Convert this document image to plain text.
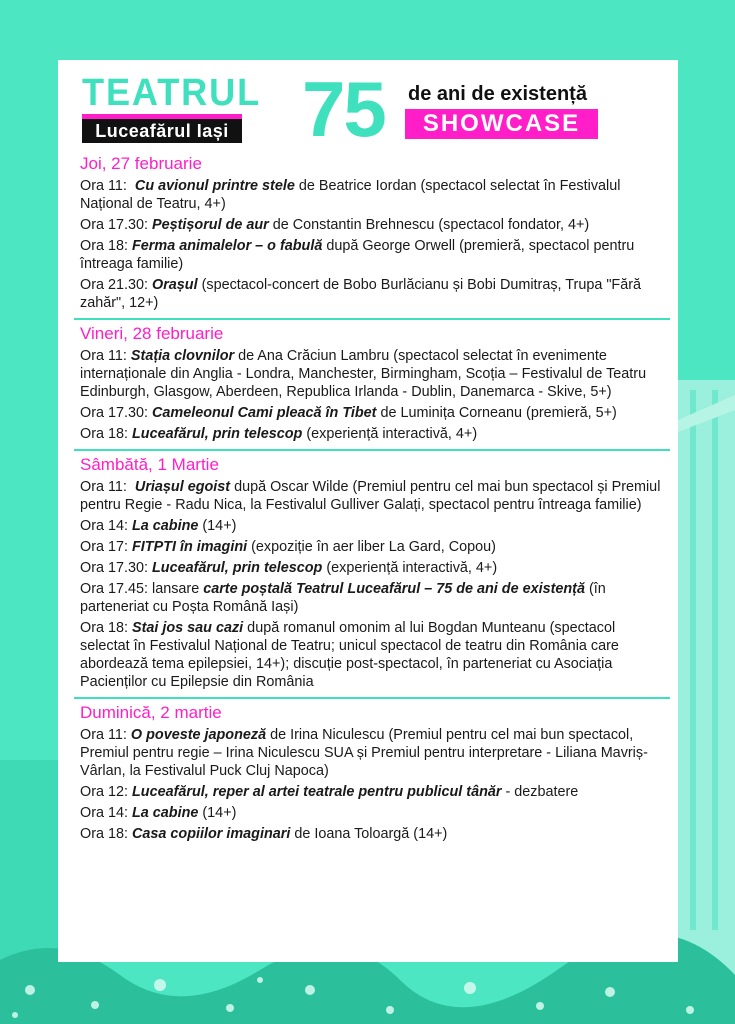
TEATRUL
Luceafărul Iași 75 de ani de existență
SHOWCASE
Joi, 27 februarie
Ora 11:  Cu avionul printre stele de Beatrice Iordan (spectacol selectat în Festivalul Național de Teatru, 4+)
Ora 17.30: Peștișorul de aur de Constantin Brehnescu (spectacol fondator, 4+)
Ora 18: Ferma animalelor – o fabulă după George Orwell (premieră, spectacol pentru întreaga familie)
Ora 21.30: Orașul (spectacol-concert de Bobo Burlăcianu și Bobi Dumitraș, Trupa "Fără zahăr", 12+)
Vineri, 28 februarie
Ora 11: Stația clovnilor de Ana Crăciun Lambru (spectacol selectat în evenimente internaționale din Anglia - Londra, Manchester, Birmingham, Scoția – Festivalul de Teatru Edinburgh, Glasgow, Aberdeen, Republica Irlanda - Dublin, Danemarca - Skive, 5+)
Ora 17.30: Cameleonul Cami pleacă în Tibet de Luminița Corneanu (premieră, 5+)
Ora 18: Luceafărul, prin telescop (experiență interactivă, 4+)
Sâmbătă, 1 Martie
Ora 11:  Uriașul egoist după Oscar Wilde (Premiul pentru cel mai bun spectacol și Premiul pentru Regie - Radu Nica, la Festivalul Gulliver Galați, spectacol pentru întreaga familie)
Ora 14: La cabine (14+)
Ora 17: FITPTI în imagini (expoziție în aer liber La Gard, Copou)
Ora 17.30: Luceafărul, prin telescop (experiență interactivă, 4+)
Ora 17.45: lansare carte poștală Teatrul Luceafărul – 75 de ani de existență (în parteneriat cu Poșta Română Iași)
Ora 18: Stai jos sau cazi după romanul omonim al lui Bogdan Munteanu (spectacol selectat în Festivalul Național de Teatru; unicul spectacol de teatru din România care abordează tema epilepsiei, 14+); discuție post-spectacol, în parteneriat cu Asociația Pacienților cu Epilepsie din România
Duminică, 2 martie
Ora 11: O poveste japoneză de Irina Niculescu (Premiul pentru cel mai bun spectacol, Premiul pentru regie – Irina Niculescu SUA și Premiul pentru interpretare - Liliana Mavriș-Vârlan, la Festivalul Puck Cluj Napoca)
Ora 12: Luceafărul, reper al artei teatrale pentru publicul tânăr - dezbatere
Ora 14: La cabine (14+)
Ora 18: Casa copiilor imaginari de Ioana Toloargă (14+)
